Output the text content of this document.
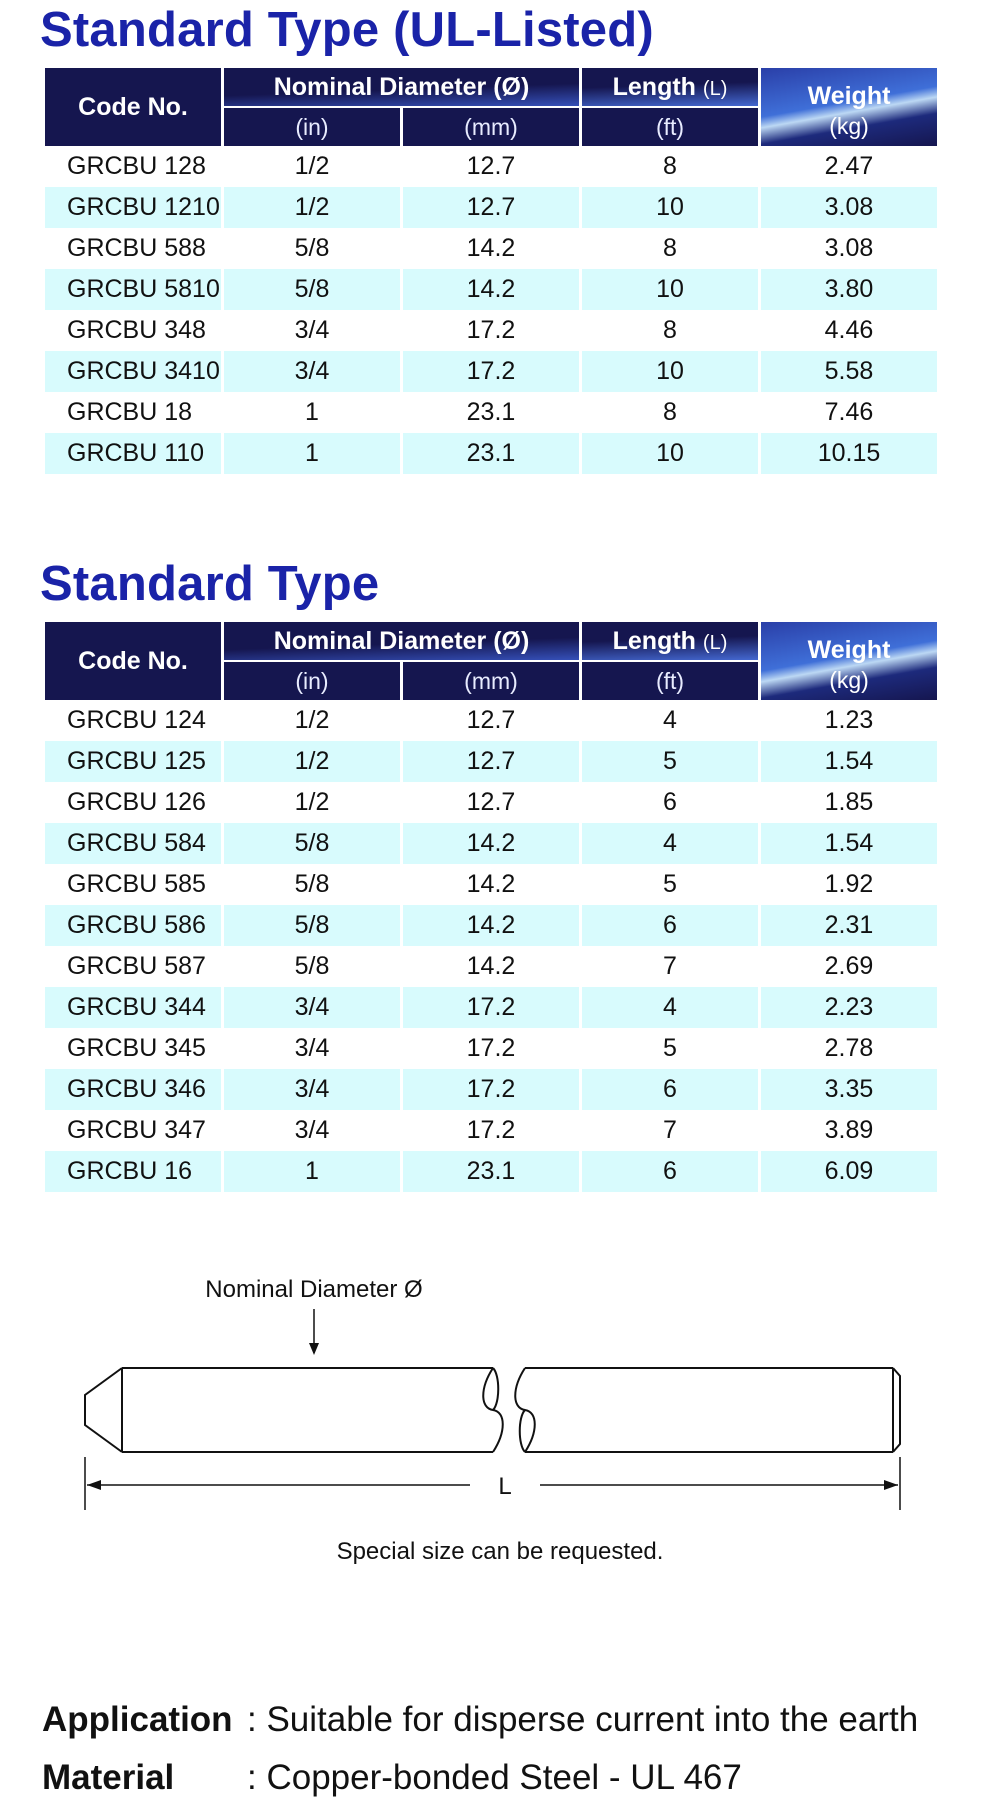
Standard Type (UL-Listed)
Code No.	Nominal Diameter (Ø)		Length (L)	Weight
(kg)

	(in)	(mm)	(ft)	
GRCBU 128	1/2	12.7	8	2.47
GRCBU 1210	1/2	12.7	10	3.08
GRCBU 588	5/8	14.2	8	3.08
GRCBU 5810	5/8	14.2	10	3.80
GRCBU 348	3/4	17.2	8	4.46
GRCBU 3410	3/4	17.2	10	5.58
GRCBU 18	1	23.1	8	7.46
GRCBU 110	1	23.1	10	10.15
Standard Type
Code No.	Nominal Diameter (Ø)		Length (L)	Weight
(kg)

	(in)	(mm)	(ft)	
GRCBU 124	1/2	12.7	4	1.23
GRCBU 125	1/2	12.7	5	1.54
GRCBU 126	1/2	12.7	6	1.85
GRCBU 584	5/8	14.2	4	1.54
GRCBU 585	5/8	14.2	5	1.92
GRCBU 586	5/8	14.2	6	2.31
GRCBU 587	5/8	14.2	7	2.69
GRCBU 344	3/4	17.2	4	2.23
GRCBU 345	3/4	17.2	5	2.78
GRCBU 346	3/4	17.2	6	3.35
GRCBU 347	3/4	17.2	7	3.89
GRCBU 16	1	23.1	6	6.09
Nominal Diameter Ø
L

Special size can be requested.

Application : Suitable for disperse current into the earth

Material : Copper-bonded Steel - UL 467
